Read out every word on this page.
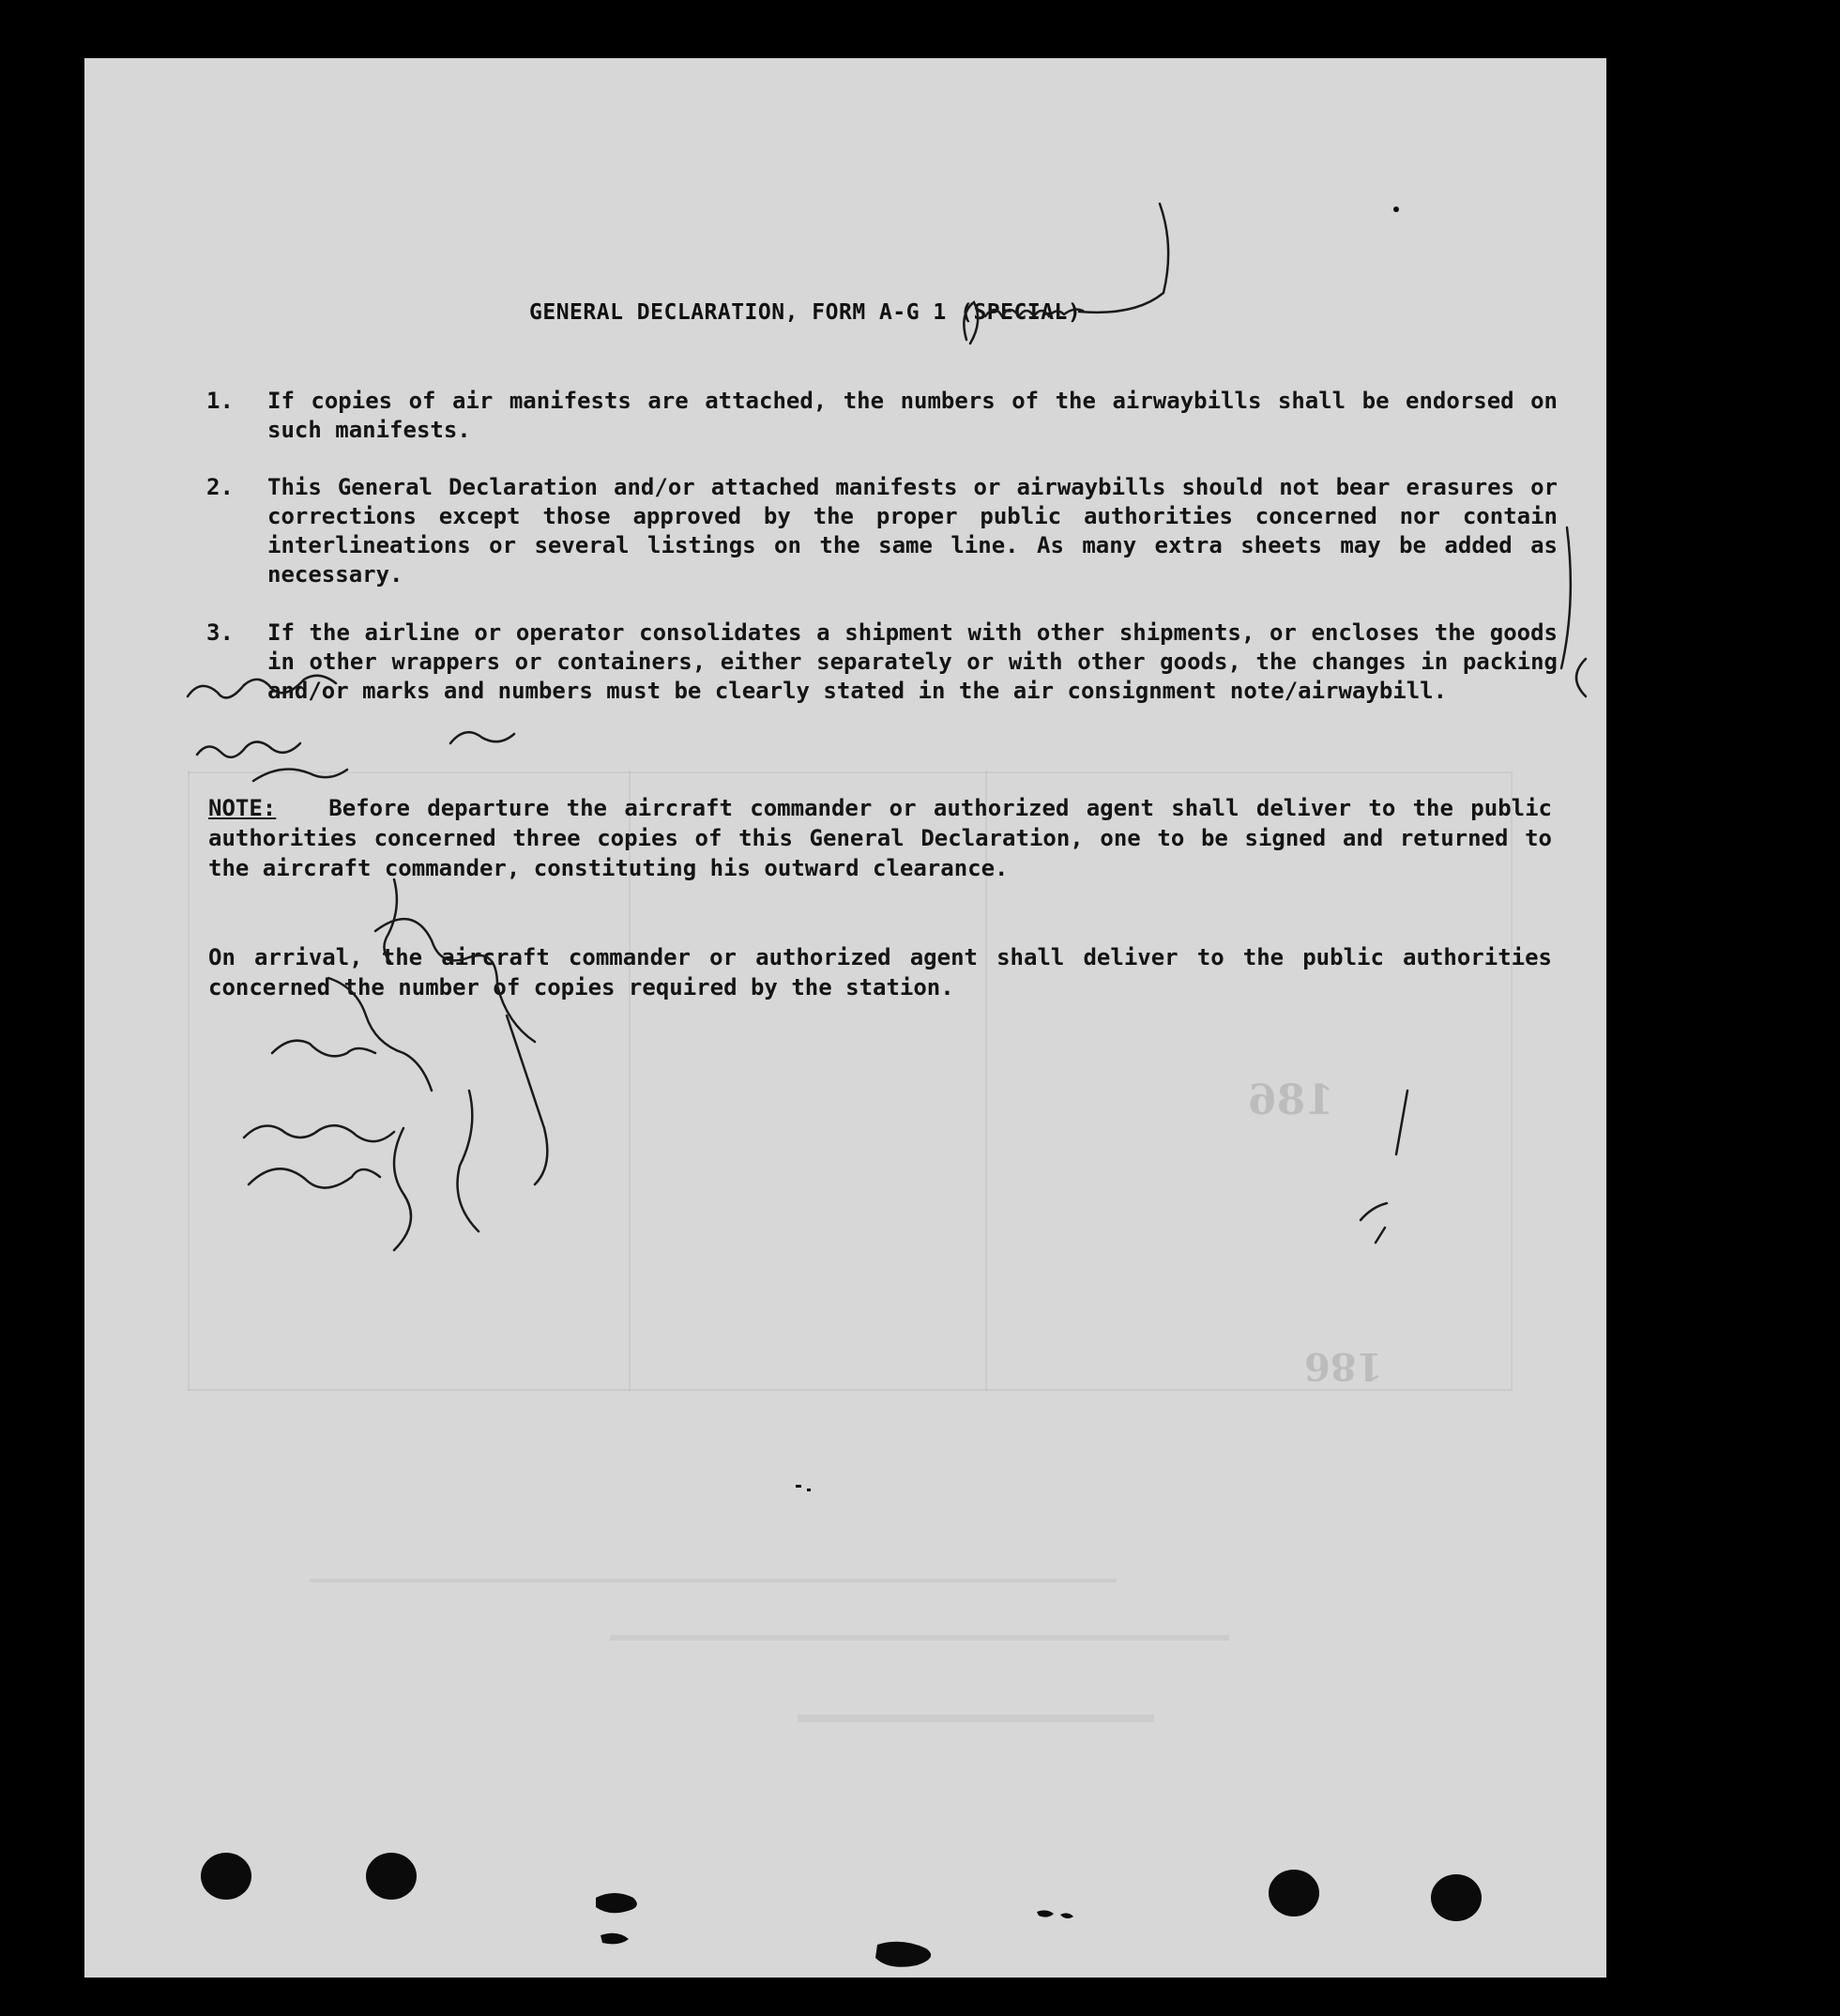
186
186
GENERAL DECLARATION, FORM A-G 1 (SPECIAL)
1.	If copies of air manifests are attached, the numbers of the airwaybills shall be endorsed on such manifests.
2.	This General Declaration and/or attached manifests or airwaybills should not bear erasures or corrections except those approved by the proper public authorities concerned nor contain interlineations or several listings on the same line. As many extra sheets may be added as necessary.
3.	If the airline or operator consolidates a shipment with other shipments, or encloses the goods in other wrappers or containers, either separately or with other goods, the changes in packing and/or marks and numbers must be clearly stated in the air consignment note/airwaybill.
NOTE: Before departure the aircraft commander or authorized agent shall deliver to the public authorities concerned three copies of this General Declaration, one to be signed and returned to the aircraft commander, constituting his outward clearance.
On arrival, the aircraft commander or authorized agent shall deliver to the public authorities concerned the number of copies required by the station.
